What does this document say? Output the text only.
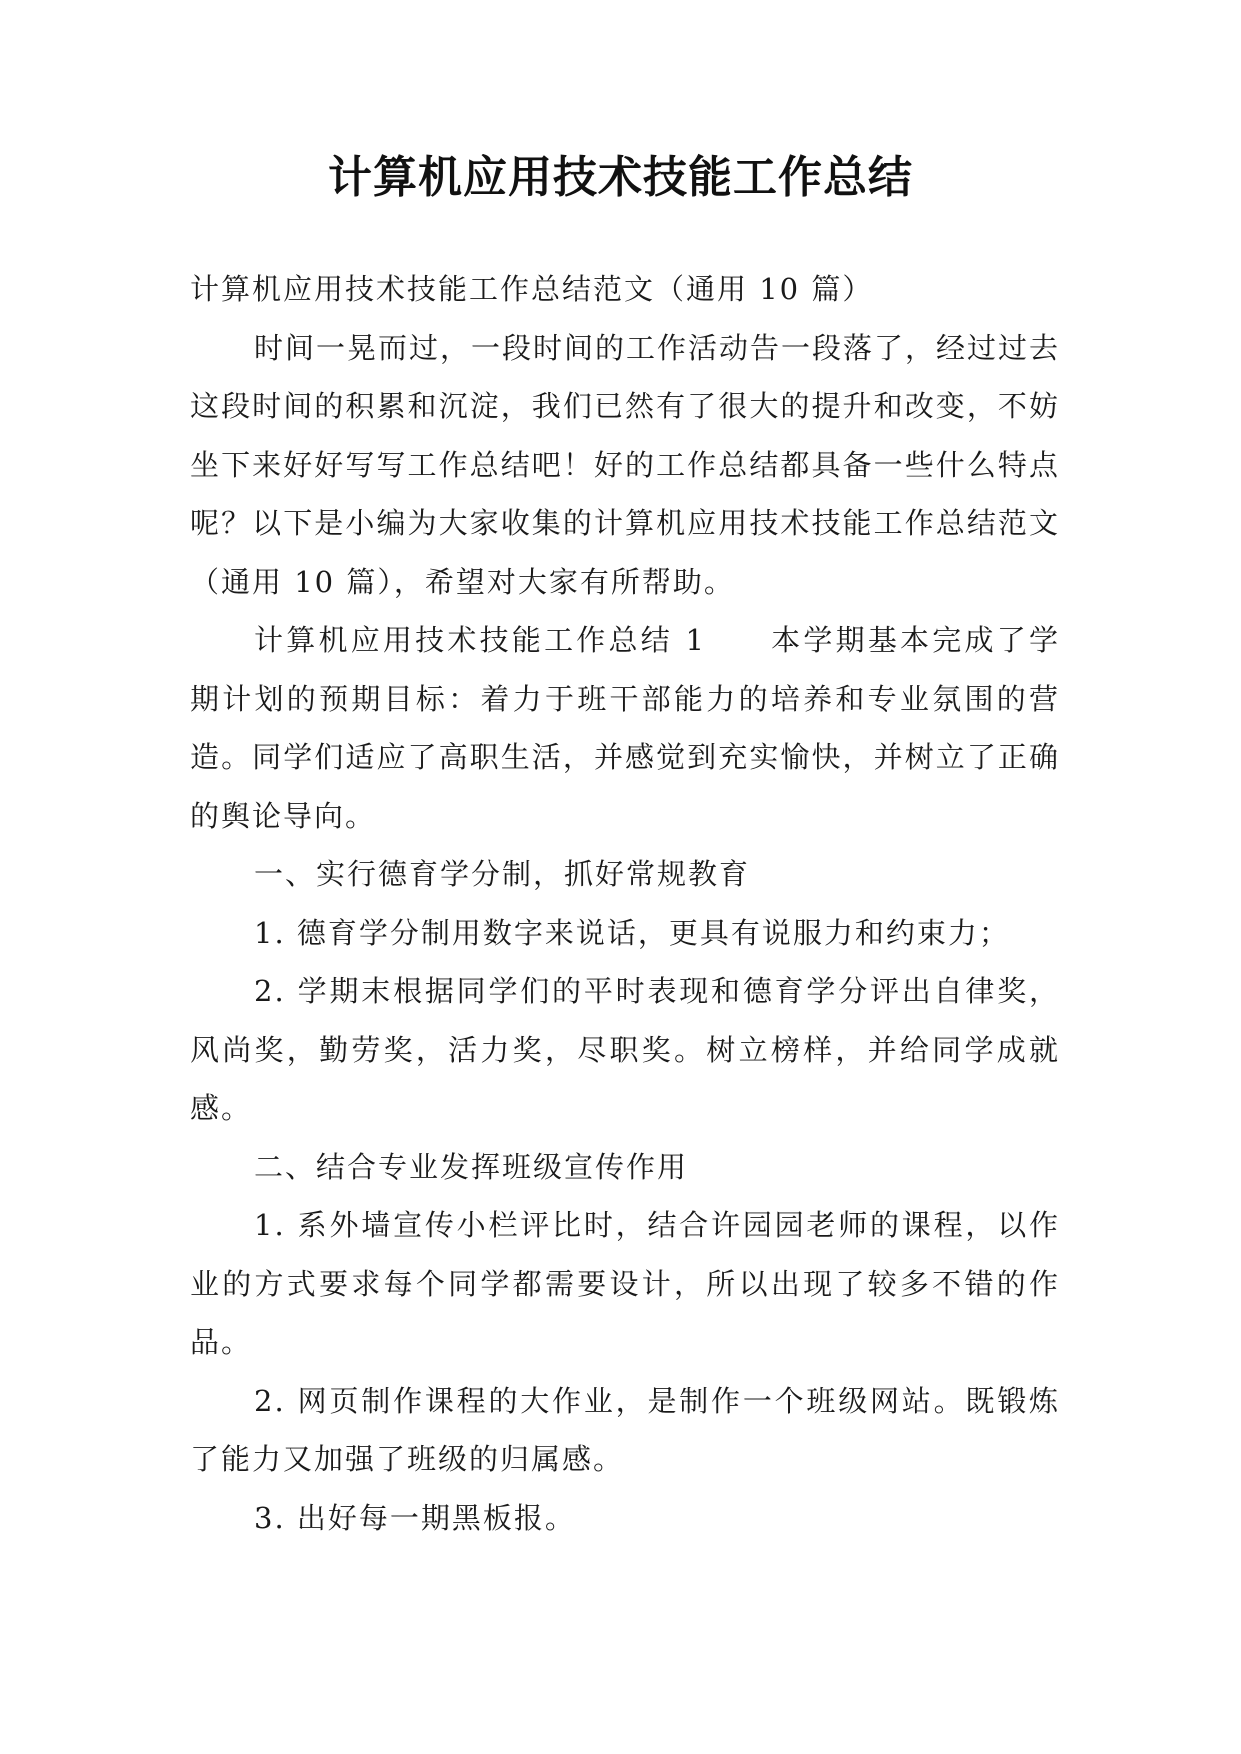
计算机应用技术技能工作总结

计算机应用技术技能工作总结范文（通用 10 篇）

时间一晃而过，一段时间的工作活动告一段落了，经过过去这段时间的积累和沉淀，我们已然有了很大的提升和改变，不妨坐下来好好写写工作总结吧！好的工作总结都具备一些什么特点呢？以下是小编为大家收集的计算机应用技术技能工作总结范文（通用 10 篇），希望对大家有所帮助。

计算机应用技术技能工作总结 1 本学期基本完成了学期计划的预期目标：着力于班干部能力的培养和专业氛围的营造。同学们适应了高职生活，并感觉到充实愉快，并树立了正确的舆论导向。

一、实行德育学分制，抓好常规教育

1. 德育学分制用数字来说话，更具有说服力和约束力；

2. 学期末根据同学们的平时表现和德育学分评出自律奖，风尚奖，勤劳奖，活力奖，尽职奖。树立榜样，并给同学成就感。

二、结合专业发挥班级宣传作用

1. 系外墙宣传小栏评比时，结合许园园老师的课程，以作业的方式要求每个同学都需要设计，所以出现了较多不错的作品。

2. 网页制作课程的大作业，是制作一个班级网站。既锻炼了能力又加强了班级的归属感。

3. 出好每一期黑板报。
